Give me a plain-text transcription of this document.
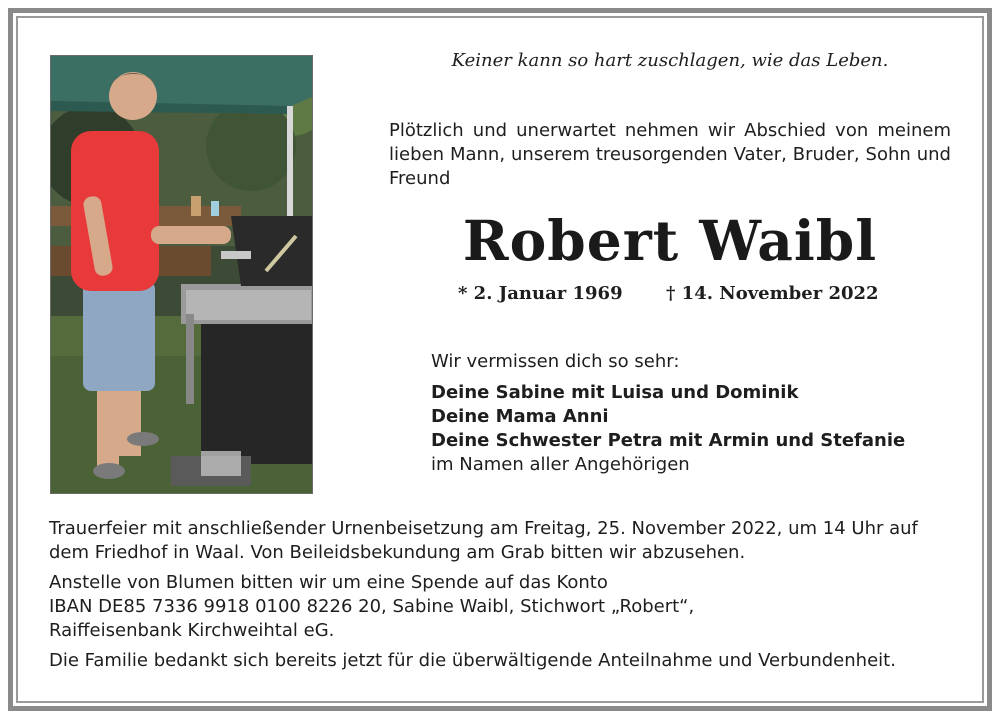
Keiner kann so hart zuschlagen, wie das Leben.
Plötzlich und unerwartet nehmen wir Abschied von meinem lieben Mann, unserem treusorgenden Vater, Bruder, Sohn und Freund
Robert Waibl
* 2. Januar 1969 † 14. November 2022
Wir vermissen dich so sehr:
Deine Sabine mit Luisa und Dominik
Deine Mama Anni
Deine Schwester Petra mit Armin und Stefanie
im Namen aller Angehörigen

Trauerfeier mit anschließender Urnenbeisetzung am Freitag, 25. November 2022, um 14 Uhr auf

dem Friedhof in Waal. Von Beileidsbekundung am Grab bitten wir abzusehen.

Anstelle von Blumen bitten wir um eine Spende auf das Konto

IBAN DE85 7336 9918 0100 8226 20, Sabine Waibl, Stichwort „Robert“,

Raiffeisenbank Kirchweihtal eG.

Die Familie bedankt sich bereits jetzt für die überwältigende Anteilnahme und Verbundenheit.
